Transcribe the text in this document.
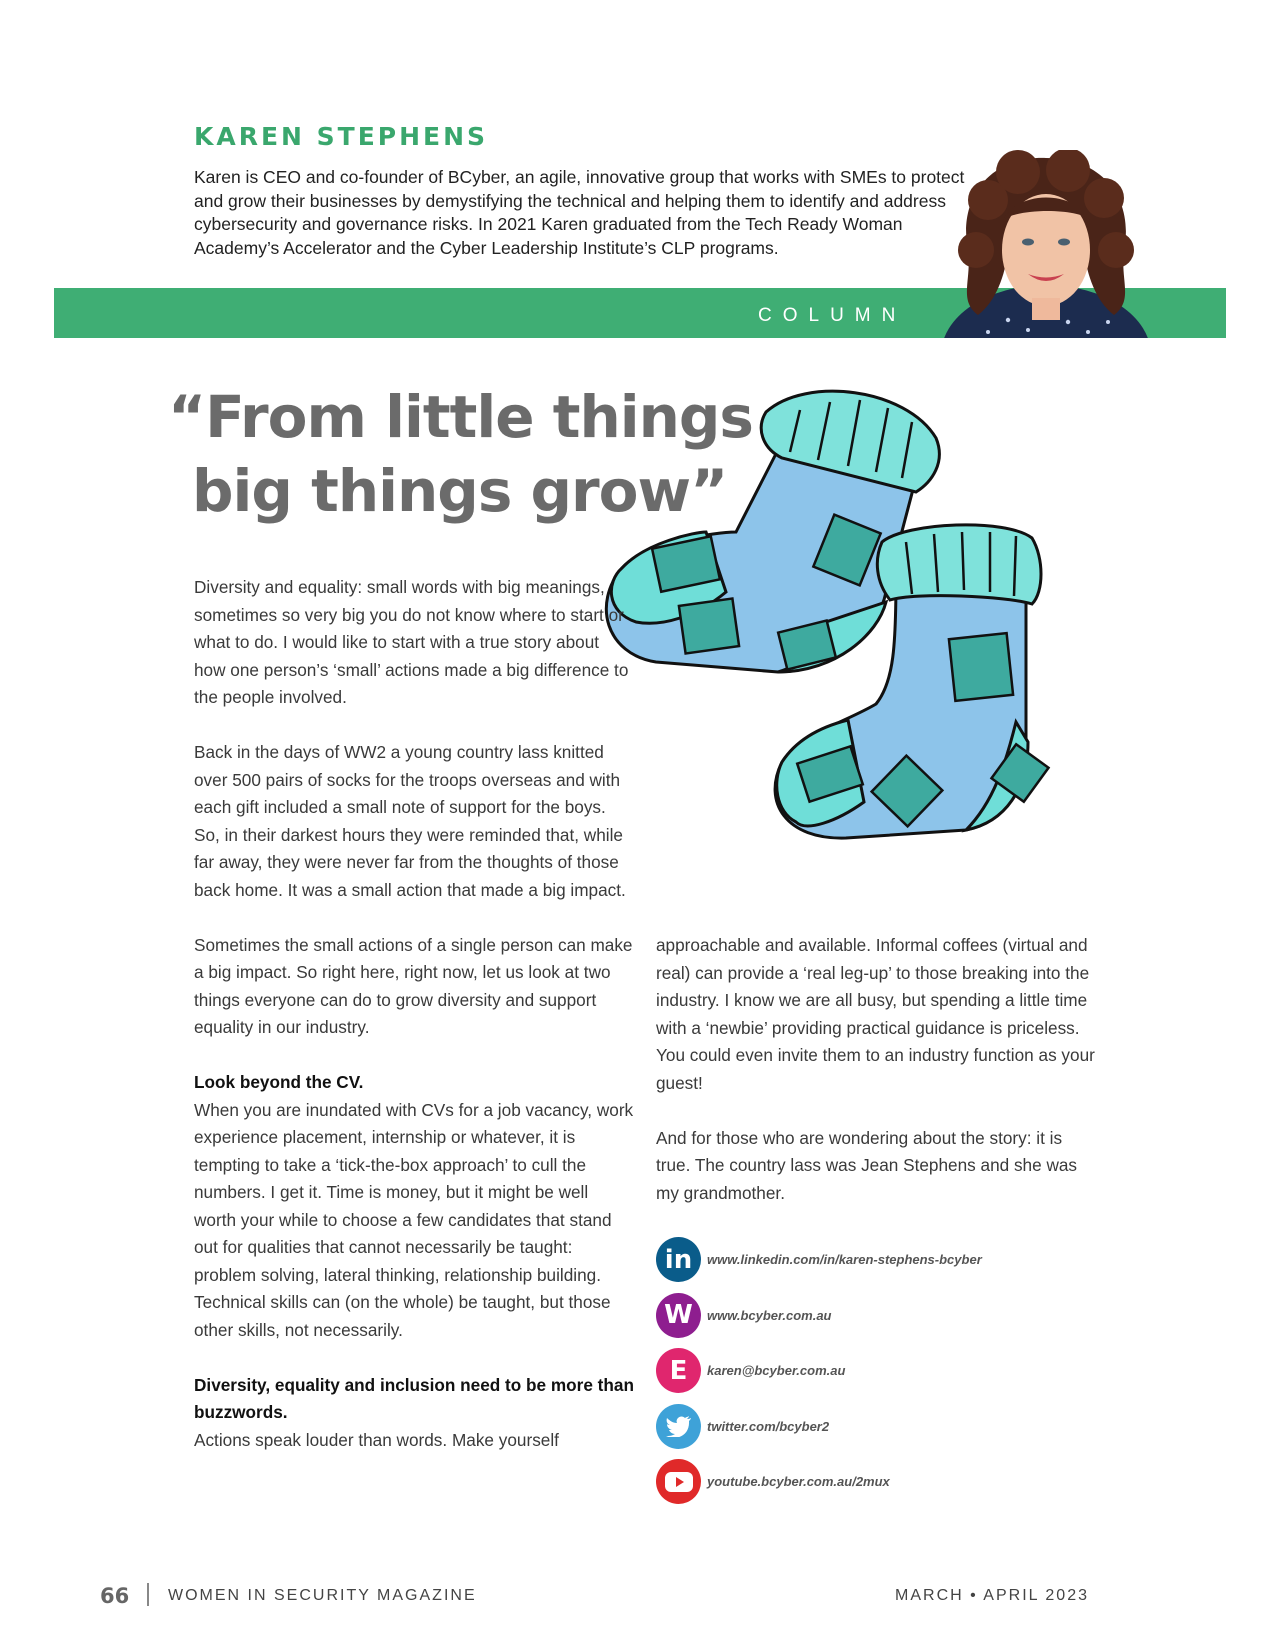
KAREN STEPHENS

Karen is CEO and co-founder of BCyber, an agile, innovative group that works with SMEs to protect and grow their businesses by demystifying the technical and helping them to identify and address cybersecurity and governance risks. In 2021 Karen graduated from the Tech Ready Woman Academy’s Accelerator and the Cyber Leadership Institute’s CLP programs.

COLUMN
“From little things
big things grow”

Diversity and equality: small words with big meanings, sometimes so very big you do not know where to start or what to do. I would like to start with a true story about how one person’s ‘small’ actions made a big difference to the people involved.

Back in the days of WW2 a young country lass knitted over 500 pairs of socks for the troops overseas and with each gift included a small note of support for the boys. So, in their darkest hours they were reminded that, while far away, they were never far from the thoughts of those back home. It was a small action that made a big impact.

Sometimes the small actions of a single person can make a big impact. So right here, right now, let us look at two things everyone can do to grow diversity and support equality in our industry.

Look beyond the CV.

When you are inundated with CVs for a job vacancy, work experience placement, internship or whatever, it is tempting to take a ‘tick-the-box approach’ to cull the numbers. I get it. Time is money, but it might be well worth your while to choose a few candidates that stand out for qualities that cannot necessarily be taught: problem solving, lateral thinking, relationship building. Technical skills can (on the whole) be taught, but those other skills, not necessarily.

Diversity, equality and inclusion need to be more than buzzwords.

Actions speak louder than words. Make yourself

approachable and available. Informal coffees (virtual and real) can provide a ‘real leg-up’ to those breaking into the industry. I know we are all busy, but spending a little time with a ‘newbie’ providing practical guidance is priceless. You could even invite them to an industry function as your guest!

And for those who are wondering about the story: it is true. The country lass was Jean Stephens and she was my grandmother.

in	www.linkedin.com/in/karen-stephens-bcyber
W	www.bcyber.com.au
E	karen@bcyber.com.au
twitter.com/bcyber2
youtube.bcyber.com.au/2mux
66 WOMEN IN SECURITY MAGAZINE	MARCH • APRIL 2023
